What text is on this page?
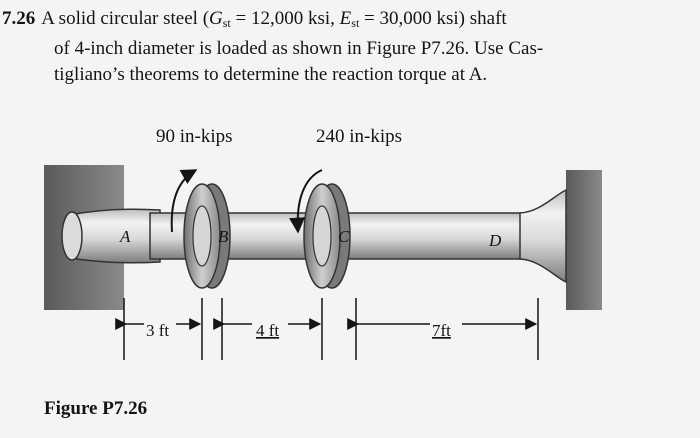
7.26 A solid circular steel ($G_{st} = 12,000$ ksi, $E_{st} = 30,000$ ksi) shaft
of 4-inch diameter is loaded as shown in Figure P7.26. Use Cas-
tigliano’s theorems to determine the reaction torque at A.
90 in-kips	240 in-kips
A	B	C	D
3 ft	4 ft	7ft
Figure P7.26
